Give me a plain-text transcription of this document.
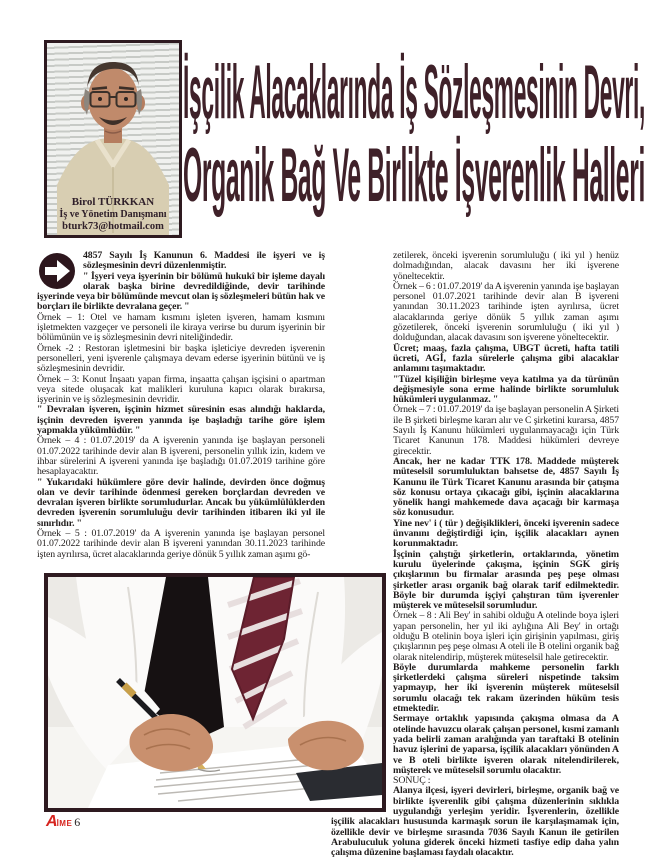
Birol TÜRKKAN
İş ve Yönetim Danışmanı
bturk73@hotmail.com
İşçilik Alacaklarında İş Sözleşmesinin Devri,
Organik Bağ Ve Birlikte İşverenlik Halleri

4857 Sayılı İş Kanunun 6. Maddesi ile işyeri ve iş sözleşmesinin devri düzenlenmiştir.

" İşyeri veya işyerinin bir bölümü hukukî bir işleme dayalı olarak başka birine devredildiğinde, devir tarihinde işyerinde veya bir bölümünde mevcut olan iş sözleşmeleri bütün hak ve borçları ile birlikte devralana geçer. "

Örnek – 1: Otel ve hamam kısmını işleten işveren, hamam kısmını işletmekten vazgeçer ve personeli ile kiraya verirse bu durum işyerinin bir bölümünün ve iş sözleşmesinin devri niteliğindedir.

Örnek -2 : Restoran işletmesini bir başka işleticiye devreden işverenin personelleri, yeni işverenle çalışmaya devam ederse işyerinin bütünü ve iş sözleşmesinin devridir.

Örnek – 3: Konut İnşaatı yapan firma, inşaatta çalışan işçisini o apartman veya sitede oluşacak kat malikleri kuruluna kapıcı olarak bırakırsa, işyerinin ve iş sözleşmesinin devridir.

" Devralan işveren, işçinin hizmet süresinin esas alındığı haklarda, işçinin devreden işveren yanında işe başladığı tarihe göre işlem yapmakla yükümlüdür. "

Örnek – 4 : 01.07.2019' da A işverenin yanında işe başlayan personeli 01.07.2022 tarihinde devir alan B işvereni, personelin yıllık izin, kıdem ve ihbar sürelerini A işvereni yanında işe başladığı 01.07.2019 tarihine göre hesaplayacaktır.

" Yukarıdaki hükümlere göre devir halinde, devirden önce doğmuş olan ve devir tarihinde ödenmesi gereken borçlardan devreden ve devralan işveren birlikte sorumludurlar. Ancak bu yükümlülüklerden devreden işverenin sorumluluğu devir tarihinden itibaren iki yıl ile sınırlıdır. "

Örnek – 5 : 01.07.2019' da A işverenin yanında işe başlayan personel 01.07.2022 tarihinde devir alan B işvereni yanından 30.11.2023 tarihinde işten ayrılırsa, ücret alacaklarında geriye dönük 5 yıllık zaman aşımı gö-

zetilerek, önceki işverenin sorumluluğu ( iki yıl ) henüz dolmadığından, alacak davasını her iki işverene yöneltecektir.

Örnek – 6 : 01.07.2019' da A işverenin yanında işe başlayan personel 01.07.2021 tarihinde devir alan B işvereni yanından 30.11.2023 tarihinde işten ayrılırsa, ücret alacaklarında geriye dönük 5 yıllık zaman aşımı gözetilerek, önceki işverenin sorumluluğu ( iki yıl ) dolduğundan, alacak davasını son işverene yöneltecektir.

Ücret; maaş, fazla çalışma, UBGT ücreti, hafta tatili ücreti, AGİ, fazla sürelerle çalışma gibi alacaklar anlamını taşımaktadır.

"Tüzel kişiliğin birleşme veya katılma ya da türünün değişmesiyle sona erme halinde birlikte sorumluluk hükümleri uygulanmaz. "

Örnek – 7 : 01.07.2019' da işe başlayan personelin A Şirketi ile B şirketi birleşme kararı alır ve C şirketini kurarsa, 4857 Sayılı İş Kanunu hükümleri uygulanmayacağı için Türk Ticaret Kanunun 178. Maddesi hükümleri devreye girecektir.

Ancak, her ne kadar TTK 178. Maddede müşterek müteselsil sorumluluktan bahsetse de, 4857 Sayılı İş Kanunu ile Türk Ticaret Kanunu arasında bir çatışma söz konusu ortaya çıkacağı gibi, işçinin alacaklarına yönelik hangi mahkemede dava açacağı bir karmaşa söz konusudur.

Yine nev' i ( tür ) değişiklikleri, önceki işverenin sadece ünvanını değiştirdiği için, işçilik alacakları aynen korunmaktadır.

İşçinin çalıştığı şirketlerin, ortaklarında, yönetim kurulu üyelerinde çakışma, işçinin SGK giriş çıkışlarının bu firmalar arasında peş peşe olması şirketler arası organik bağ olarak tarif edilmektedir. Böyle bir durumda işçiyi çalıştıran tüm işverenler müşterek ve müteselsil sorumludur.

Örnek – 8 : Ali Bey' in sahibi olduğu A otelinde boya işleri yapan personelin, her yıl iki aylığına Ali Bey' in ortağı olduğu B otelinin boya işleri için girişinin yapılması, giriş çıkışlarının peş peşe olması A oteli ile B otelini organik bağ olarak nitelendirip, müşterek müteselsil hale getirecektir.

Böyle durumlarda mahkeme personelin farklı şirketlerdeki çalışma süreleri nispetinde taksim yapmayıp, her iki işverenin müşterek müteselsil sorumlu olacağı tek rakam üzerinden hüküm tesis etmektedir.

Sermaye ortaklık yapısında çakışma olmasa da A otelinde havuzcu olarak çalışan personel, kısmi zamanlı yada belirli zaman aralığında yan taraftaki B otelinin havuz işlerini de yaparsa, işçilik alacakları yönünden A ve B oteli birlikte işveren olarak nitelendirilerek, müşterek ve müteselsil sorumlu olacaktır.

SONUÇ :

Alanya ilçesi, işyeri devirleri, birleşme, organik bağ ve birlikte işverenlik gibi çalışma düzenlerinin sıklıkla uygulandığı yerleşim yeridir. İşverenlerin, özellikle işçilik alacakları hususunda karmaşık sorun ile karşılaşmamak için, özellikle devir ve birleşme sırasında 7036 Sayılı Kanun ile getirilen Arabuluculuk yoluna giderek önceki hizmeti tasfiye edip daha yalın çalışma düzenine başlaması faydalı olacaktır.

AİME 6
